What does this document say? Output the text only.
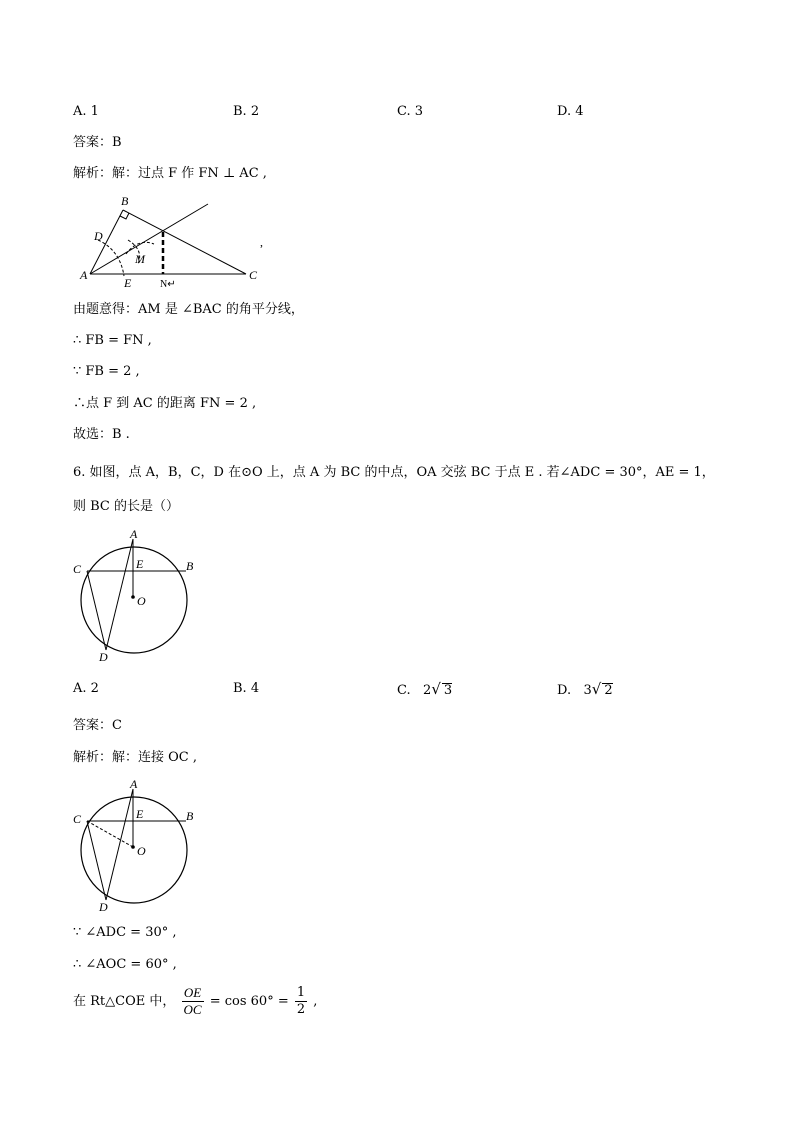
A. 1	B. 2	C. 3	D. 4
答案：B
解析：解：过点 F 作 FN ⊥ AC ,
B
D
M
A
E	N↵
C
,
由题意得：AM 是 ∠BAC 的角平分线，
∴ FB = FN ,
∵ FB = 2 ,
∴点 F 到 AC 的距离 FN = 2 ,
故选：B .
6. 如图，点 A，B，C，D 在⊙O 上，点 A 为 BC 的中点，OA 交弦 BC 于点 E . 若∠ADC = 30°，AE = 1，
则 BC 的长是（）
A
E	B
C
O
D
A. 2	B. 4	C. 2√ 3	D. 3√ 2
答案：C
解析：解：连接 OC ,
A
E	B
C
O
D
∵ ∠ADC = 30° ,
∴ ∠AOC = 60° ,
在 Rt△COE 中， $\frac{OE}{OC} = \cos 60^\circ = \frac{1}{2}$ ,
